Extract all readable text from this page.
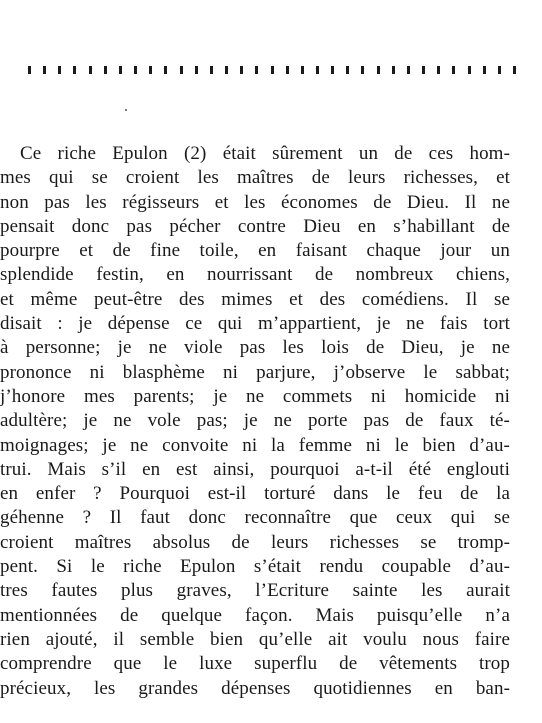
Ce riche Epulon (2) était sûrement un de ces hom-
mes qui se croient les maîtres de leurs richesses, et
non pas les régisseurs et les économes de Dieu. Il ne
pensait donc pas pécher contre Dieu en s’habillant de
pourpre et de fine toile, en faisant chaque jour un
splendide festin, en nourrissant de nombreux chiens,
et même peut-être des mimes et des comédiens. Il se
disait : je dépense ce qui m’appartient, je ne fais tort
à personne; je ne viole pas les lois de Dieu, je ne
prononce ni blasphème ni parjure, j’observe le sabbat;
j’honore mes parents; je ne commets ni homicide ni
adultère; je ne vole pas; je ne porte pas de faux té-
moignages; je ne convoite ni la femme ni le bien d’au-
trui. Mais s’il en est ainsi, pourquoi a-t-il été englouti
en enfer ? Pourquoi est-il torturé dans le feu de la
géhenne ? Il faut donc reconnaître que ceux qui se
croient maîtres absolus de leurs richesses se tromp-
pent. Si le riche Epulon s’était rendu coupable d’au-
tres fautes plus graves, l’Ecriture sainte les aurait
mentionnées de quelque façon. Mais puisqu’elle n’a
rien ajouté, il semble bien qu’elle ait voulu nous faire
comprendre que le luxe superflu de vêtements trop
précieux, les grandes dépenses quotidiennes en ban-
